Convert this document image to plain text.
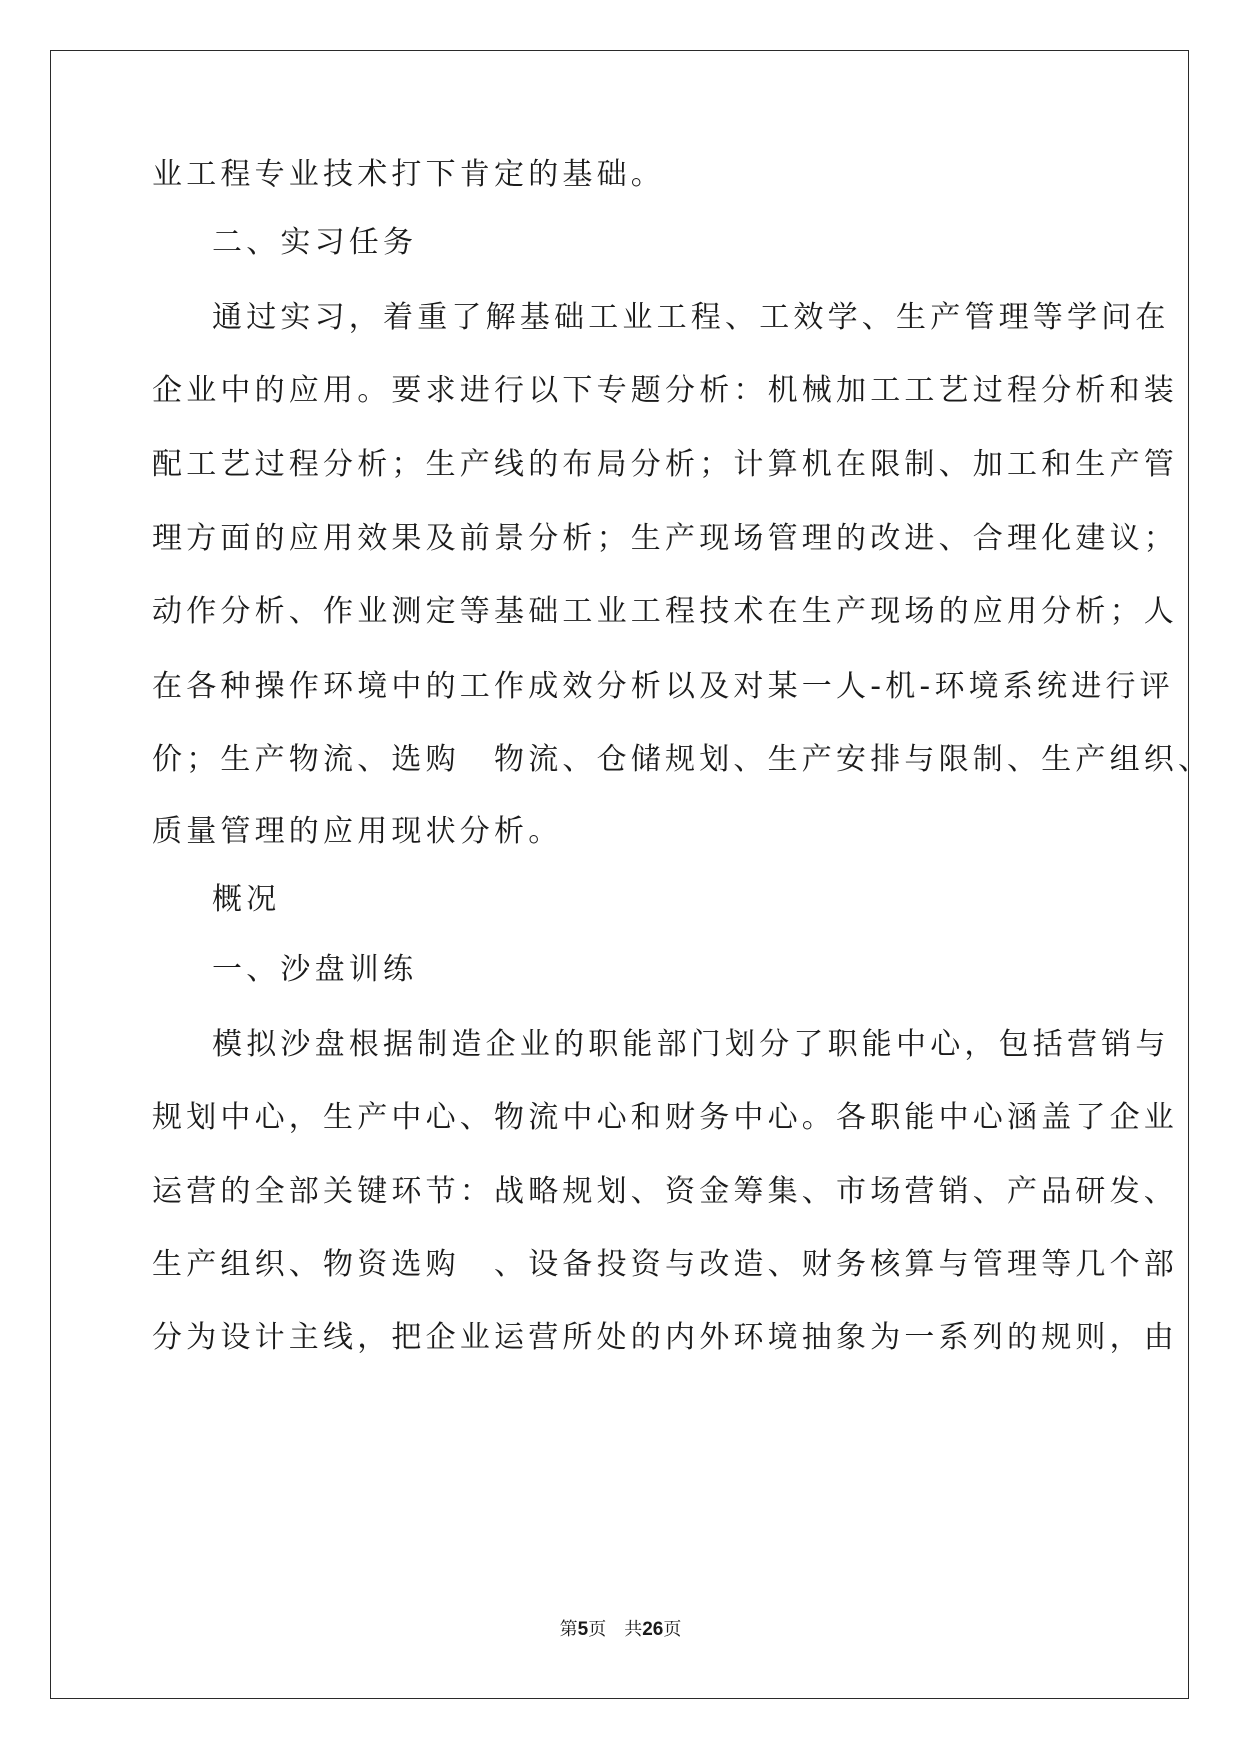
业工程专业技术打下肯定的基础。
二、实习任务
通过实习，着重了解基础工业工程、工效学、生产管理等学问在
企业中的应用。要求进行以下专题分析：机械加工工艺过程分析和装
配工艺过程分析；生产线的布局分析；计算机在限制、加工和生产管
理方面的应用效果及前景分析；生产现场管理的改进、合理化建议；
动作分析、作业测定等基础工业工程技术在生产现场的应用分析；人
在各种操作环境中的工作成效分析以及对某一人-机-环境系统进行评
价；生产物流、选购　物流、仓储规划、生产安排与限制、生产组织、
质量管理的应用现状分析。
概况
一、沙盘训练
模拟沙盘根据制造企业的职能部门划分了职能中心，包括营销与
规划中心，生产中心、物流中心和财务中心。各职能中心涵盖了企业
运营的全部关键环节：战略规划、资金筹集、市场营销、产品研发、
生产组织、物资选购　、设备投资与改造、财务核算与管理等几个部
分为设计主线，把企业运营所处的内外环境抽象为一系列的规则，由
第5页　共26页
